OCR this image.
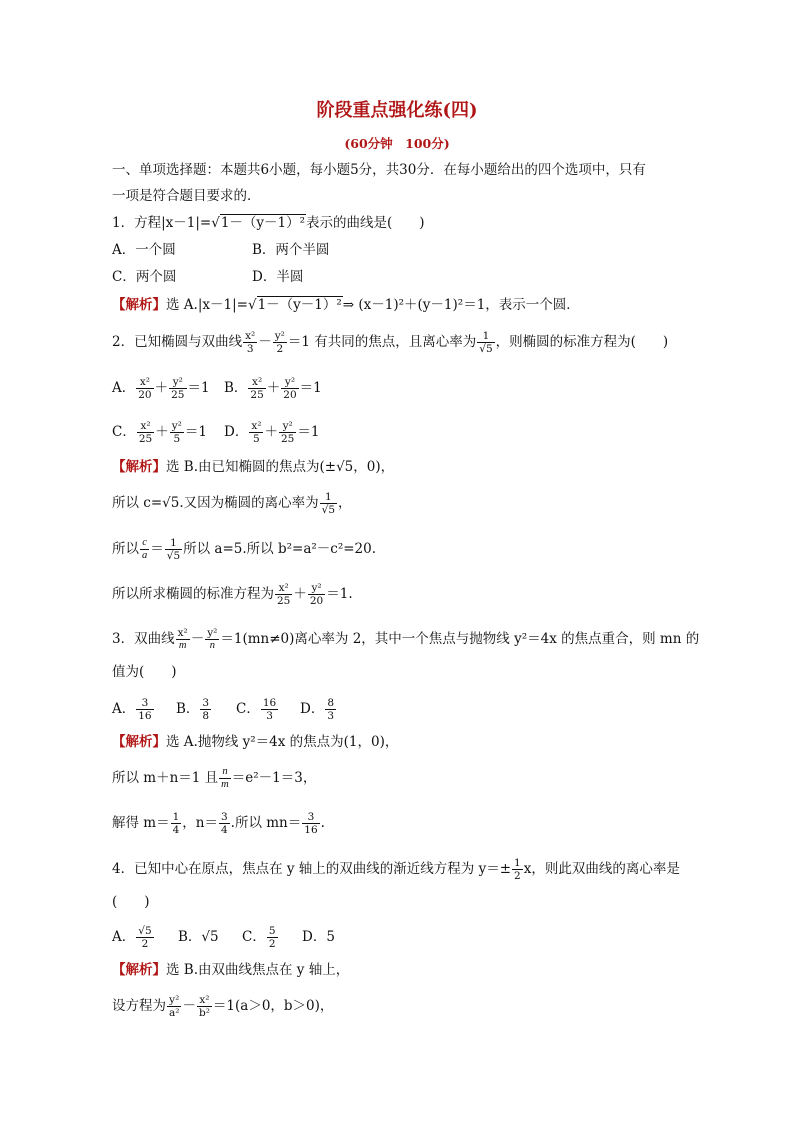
阶段重点强化练(四)
(60分钟　100分)
一、单项选择题：本题共6小题，每小题5分，共30分．在每小题给出的四个选项中，只有
一项是符合题目要求的．
1．方程|x－1|=√1－（y－1）²表示的曲线是(　　)
A．一个圆	B．两个半圆
C．两个圆	D．半圆
【解析】选 A.|x－1|=√1－（y－1）²⇒ (x－1)²＋(y－1)²＝1，表示一个圆．
2．已知椭圆与双曲线 $\frac{\text{x²}}{3} - \frac{\text{y²}}{2} =1$ 有共同的焦点，且离心率为 $\frac{1}{√5}$ ，则椭圆的标准方程为(　　)
A． $\frac{\text{x²}}{20} + \frac{\text{y²}}{25} =1$ B． $\frac{\text{x²}}{25} + \frac{\text{y²}}{20} =1$
C． $\frac{\text{x²}}{25} + \frac{\text{y²}}{5} =1$ D． $\frac{\text{x²}}{5} + \frac{\text{y²}}{25} =1$
【解析】选 B.由已知椭圆的焦点为(±√5，0)，
所以 c=√5.又因为椭圆的离心率为 $\frac{1}{√5}$ ，
所以 $\frac{c}{a} = \frac{1}{√5}$ 所以 a=5.所以 b²=a²－c²=20.
所以所求椭圆的标准方程为 $\frac{\text{x²}}{25} + \frac{\text{y²}}{20} =1$.
3．双曲线 $\frac{\text{x²}}{m} - \frac{\text{y²}}{n} =1(mn\ne 0)$离心率为 2，其中一个焦点与抛物线 y²＝4x 的焦点重合，则 mn 的
值为(　　)
A． $\frac{3}{16}$ B． $\frac{3}{8}$ C． $\frac{16}{3}$ D． $\frac{8}{3}$
【解析】选 A.抛物线 y²＝4x 的焦点为(1，0)，
所以 m＋n＝1 且 $\frac{n}{m} =e^2-1=3$，
解得 $m= \frac{1}{4}$ ，$n= \frac{3}{4}$ .所以 $mn= \frac{3}{16}$ .
4．已知中心在原点，焦点在 y 轴上的双曲线的渐近线方程为 $y=\pm \frac{1}{2}$ x，则此双曲线的离心率是
(　　)
A． $\frac{√5}{2}$ B．√5 C． $\frac{5}{2}$ D．5
【解析】选 B.由双曲线焦点在 y 轴上，
设方程为 $\frac{\text{y²}}{\text{a²}} - \frac{\text{x²}}{\text{b²}} =1(a>0$，b＞0)，
